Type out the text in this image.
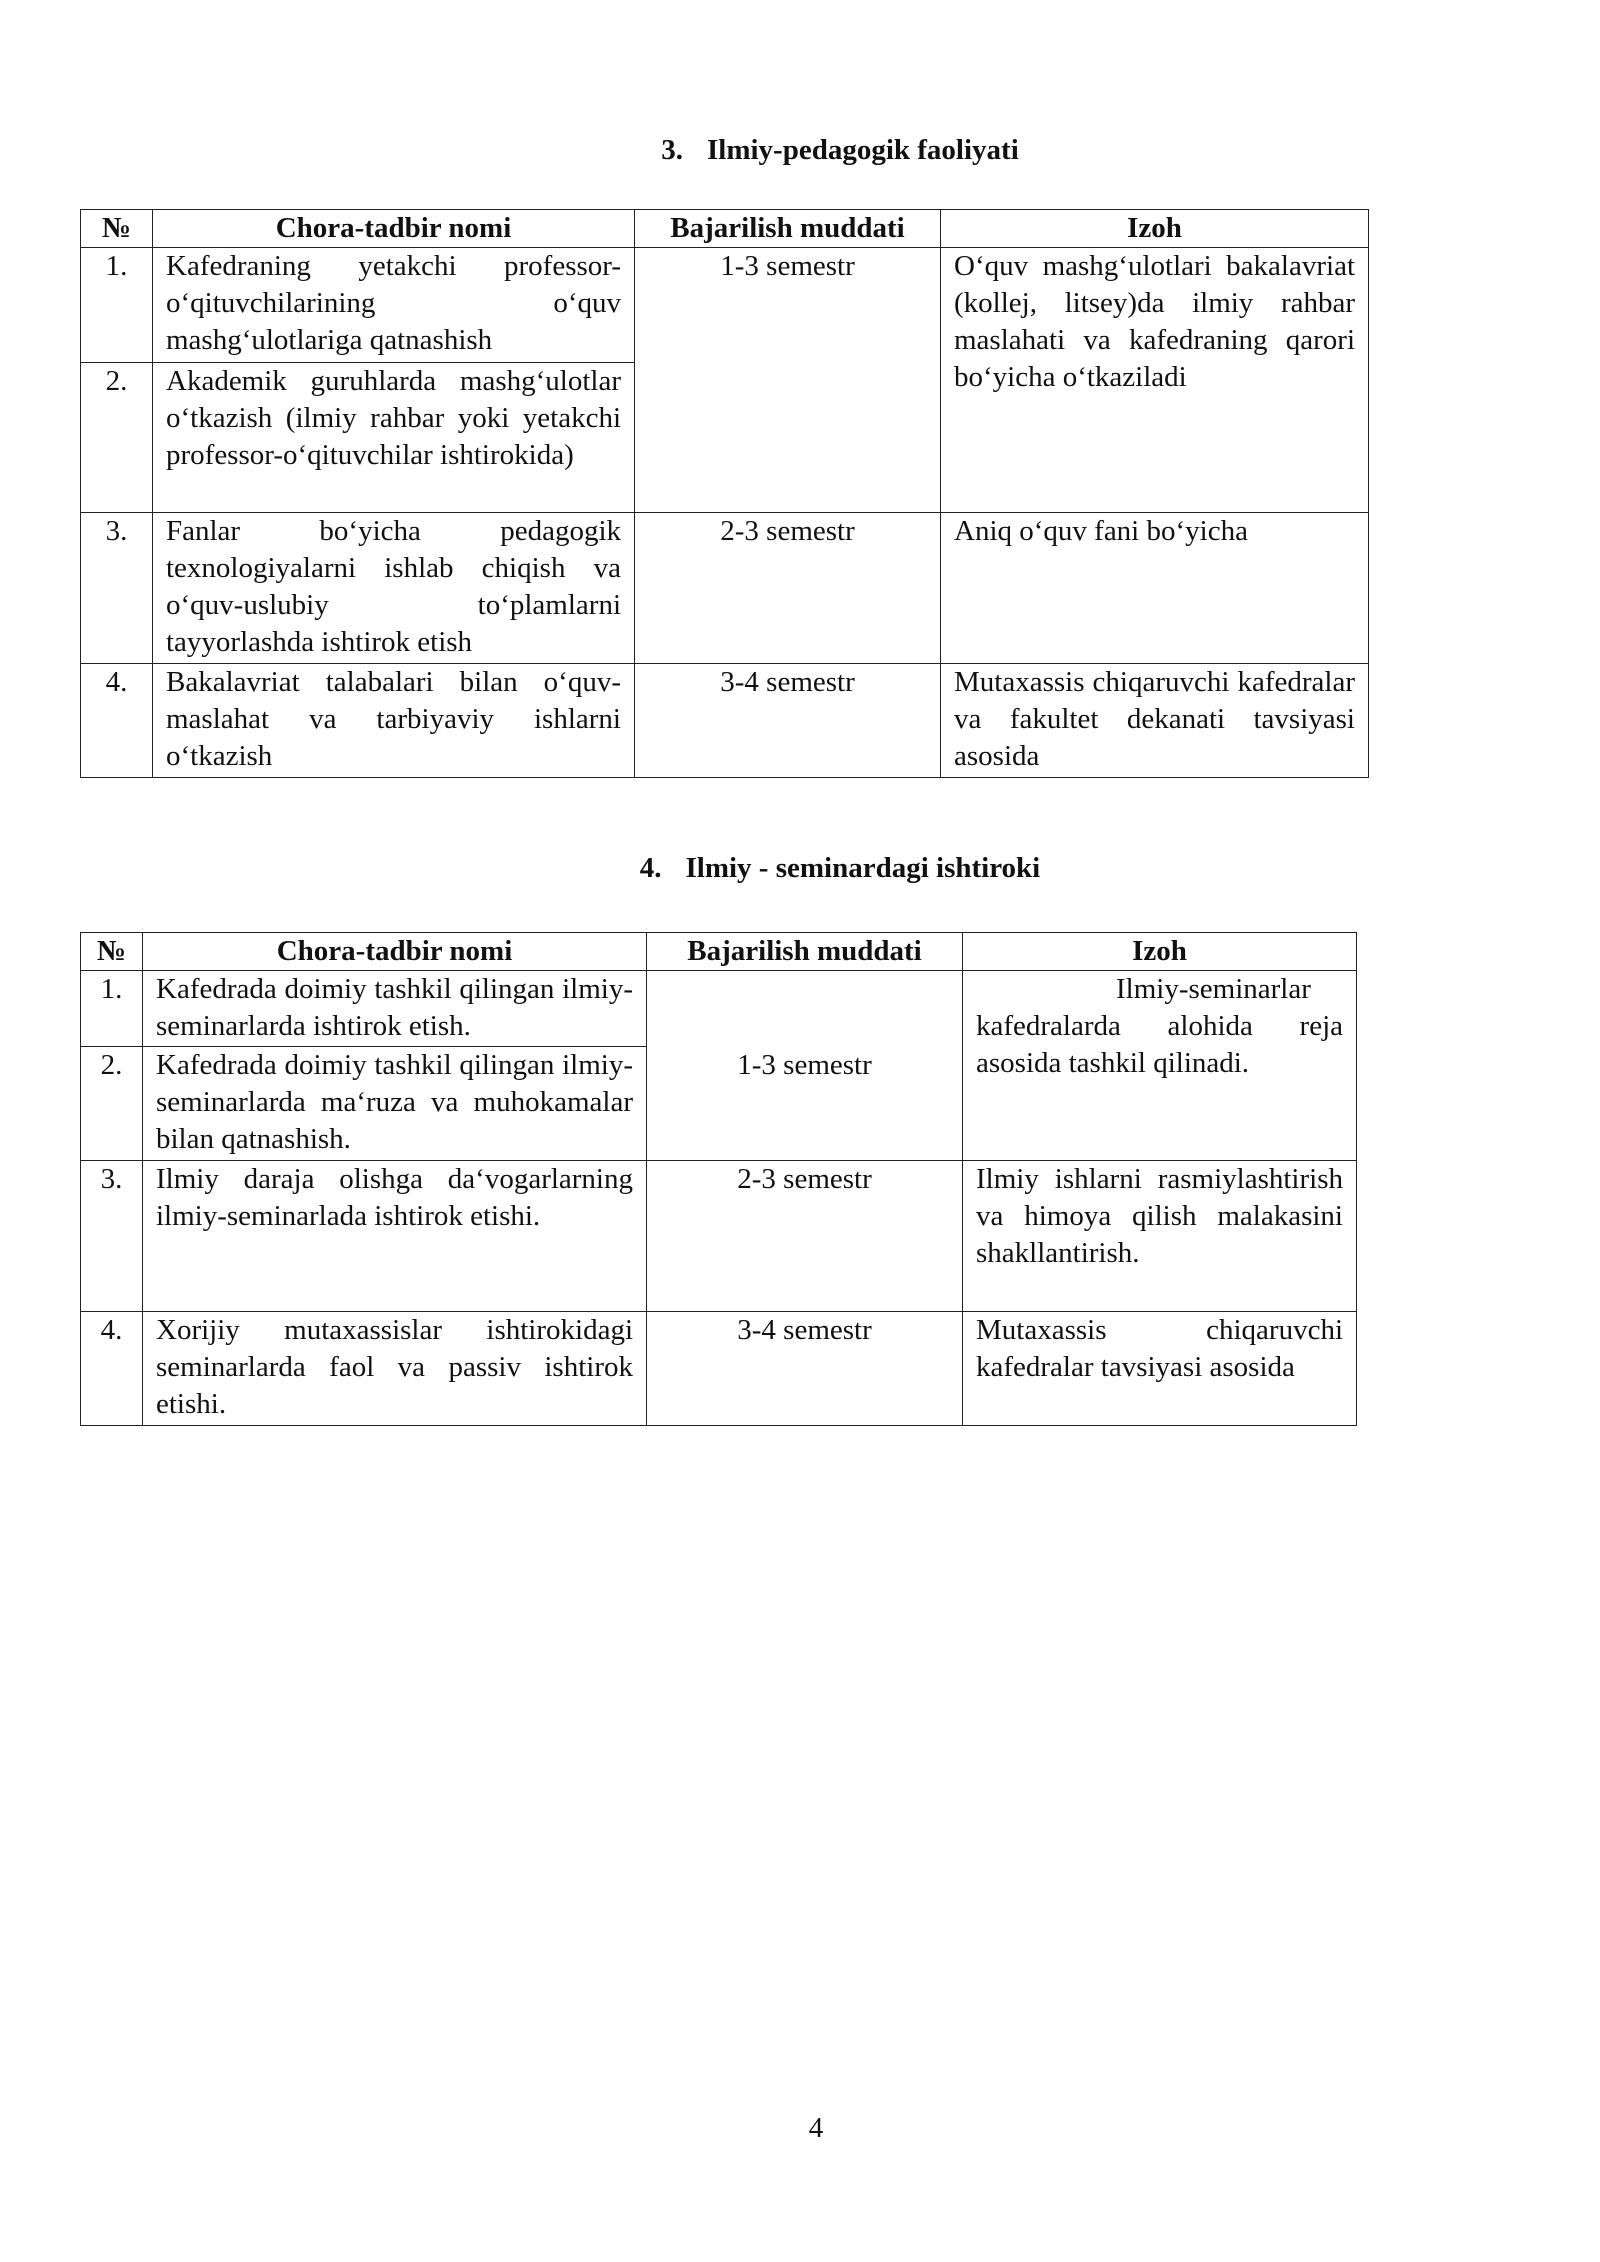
3. Ilmiy-pedagogik faoliyati
№	Chora-tadbir nomi	Bajarilish muddati	Izoh
1.	Kafedraning yetakchi professor-o‘qituvchilarining o‘quv mashg‘ulotlariga qatnashish	1-3 semestr	O‘quv mashg‘ulotlari bakalavriat (kollej, litsey)da ilmiy rahbar maslahati va kafedraning qarori bo‘yicha o‘tkaziladi
2.	Akademik guruhlarda mashg‘ulotlar o‘tkazish (ilmiy rahbar yoki yetakchi professor-o‘qituvchilar ishtirokida)		
3.	Fanlar bo‘yicha pedagogik texnologiyalarni ishlab chiqish va o‘quv-uslubiy to‘plamlarni tayyorlashda ishtirok etish	2-3 semestr	Aniq o‘quv fani bo‘yicha
4.	Bakalavriat talabalari bilan o‘quv-maslahat va tarbiyaviy ishlarni o‘tkazish	3-4 semestr	Mutaxassis chiqaruvchi kafedralar va fakultet dekanati tavsiyasi asosida
4. Ilmiy - seminardagi ishtiroki
№	Chora-tadbir nomi	Bajarilish muddati	Izoh
1.	Kafedrada doimiy tashkil qilingan ilmiy- seminarlarda ishtirok etish.	1-3 semestr	Ilmiy-seminarlar kafedralarda alohida reja asosida tashkil qilinadi.
2.	Kafedrada doimiy tashkil qilingan ilmiy-seminarlarda ma‘ruza va muhokamalar bilan qatnashish.		
3.	Ilmiy daraja olishga da‘vogarlarning ilmiy-seminarlada ishtirok etishi.	2-3 semestr	Ilmiy ishlarni rasmiylashtirish va himoya qilish malakasini shakllantirish.
4.	Xorijiy mutaxassislar ishtirokidagi seminarlarda faol va passiv ishtirok etishi.	3-4 semestr	Mutaxassis chiqaruvchi kafedralar tavsiyasi asosida
4
